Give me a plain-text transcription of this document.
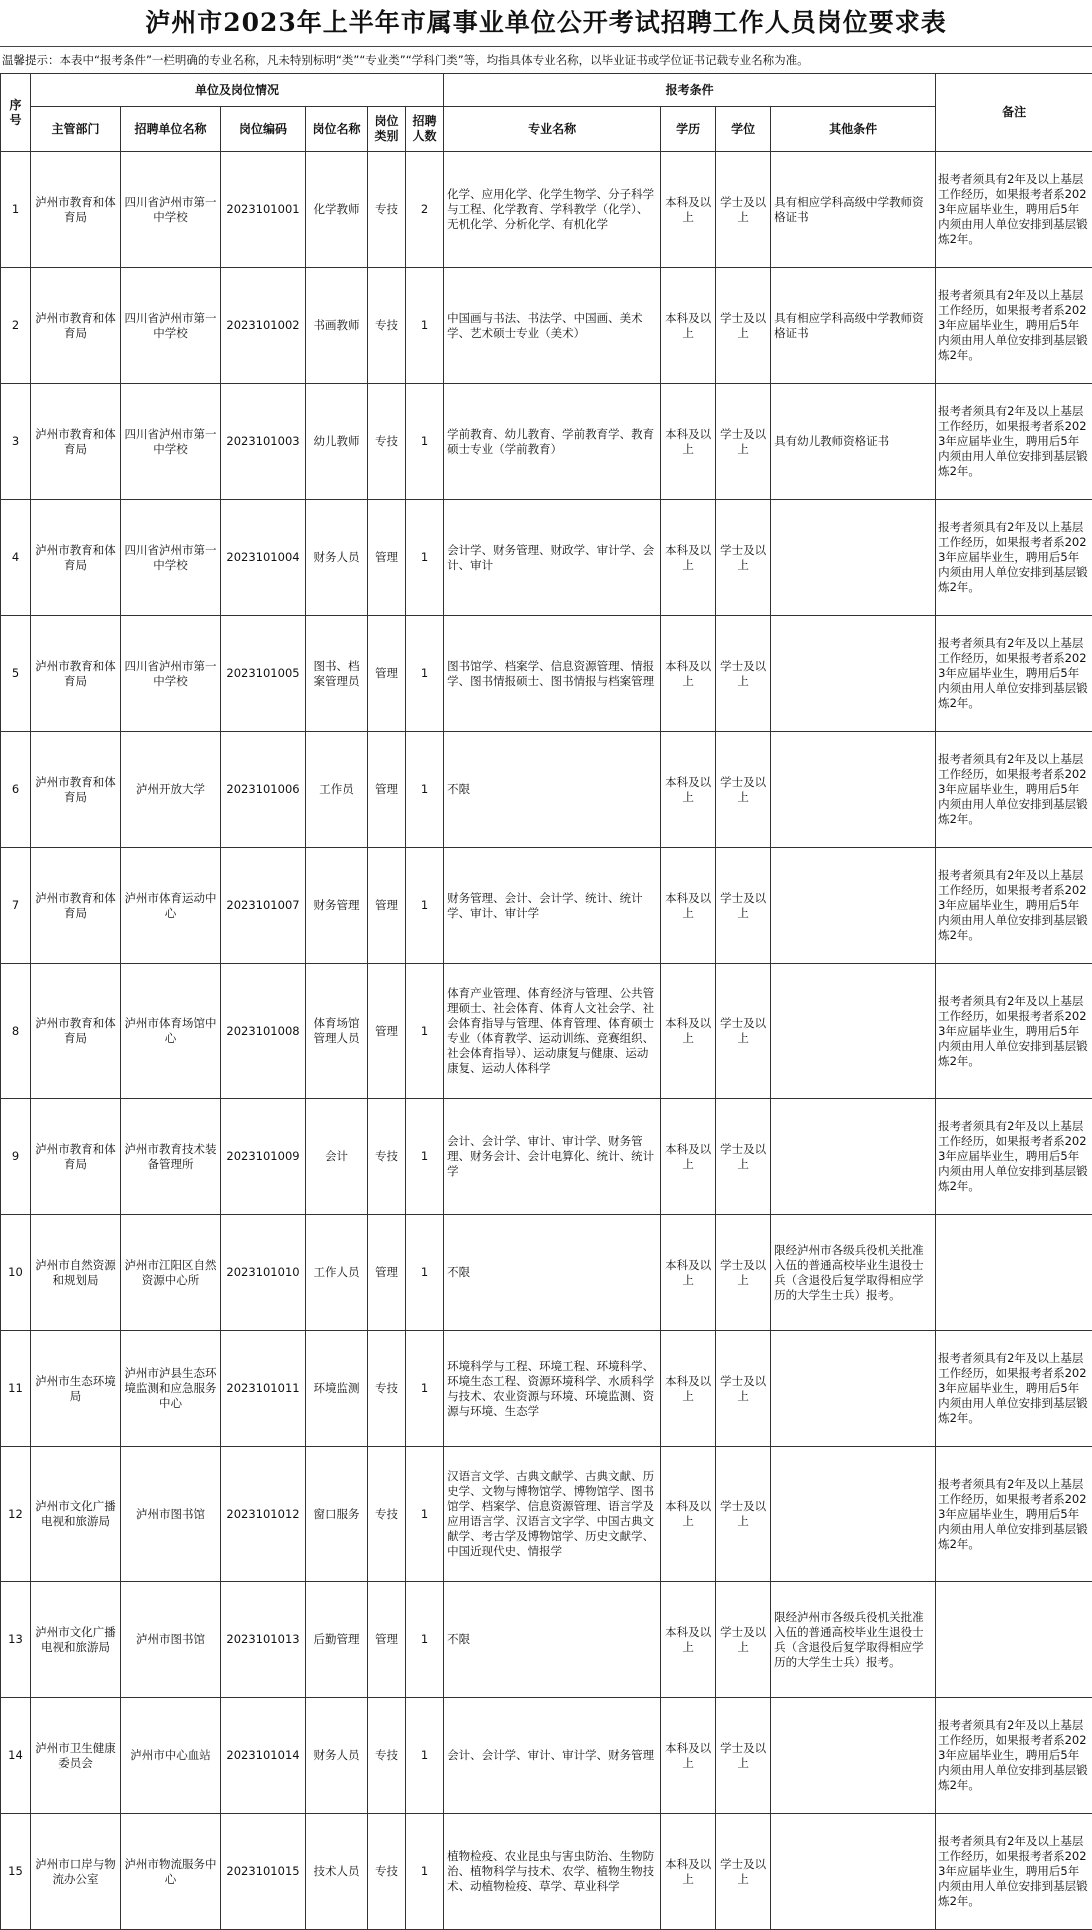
泸州市2023年上半年市属事业单位公开考试招聘工作人员岗位要求表
温馨提示：本表中“报考条件”一栏明确的专业名称，凡未特别标明“类”“专业类”“学科门类”等，均指具体专业名称，以毕业证书或学位证书记载专业名称为准。
序号	单位及岗位情况						报考条件				备注
	主管部门	招聘单位名称	岗位编码	岗位名称	岗位类别	招聘人数	专业名称	学历	学位	其他条件	
1	泸州市教育和体育局	四川省泸州市第一中学校	2023101001	化学教师	专技	2	化学、应用化学、化学生物学、分子科学与工程、化学教育、学科教学（化学）、无机化学、分析化学、有机化学	本科及以上	学士及以上	具有相应学科高级中学教师资格证书	报考者须具有2年及以上基层工作经历，如果报考者系2023年应届毕业生，聘用后5年内须由用人单位安排到基层锻炼2年。
2	泸州市教育和体育局	四川省泸州市第一中学校	2023101002	书画教师	专技	1	中国画与书法、书法学、中国画、美术学、艺术硕士专业（美术）	本科及以上	学士及以上	具有相应学科高级中学教师资格证书	报考者须具有2年及以上基层工作经历，如果报考者系2023年应届毕业生，聘用后5年内须由用人单位安排到基层锻炼2年。
3	泸州市教育和体育局	四川省泸州市第一中学校	2023101003	幼儿教师	专技	1	学前教育、幼儿教育、学前教育学、教育硕士专业（学前教育）	本科及以上	学士及以上	具有幼儿教师资格证书	报考者须具有2年及以上基层工作经历，如果报考者系2023年应届毕业生，聘用后5年内须由用人单位安排到基层锻炼2年。
4	泸州市教育和体育局	四川省泸州市第一中学校	2023101004	财务人员	管理	1	会计学、财务管理、财政学、审计学、会计、审计	本科及以上	学士及以上		报考者须具有2年及以上基层工作经历，如果报考者系2023年应届毕业生，聘用后5年内须由用人单位安排到基层锻炼2年。
5	泸州市教育和体育局	四川省泸州市第一中学校	2023101005	图书、档案管理员	管理	1	图书馆学、档案学、信息资源管理、情报学、图书情报硕士、图书情报与档案管理	本科及以上	学士及以上		报考者须具有2年及以上基层工作经历，如果报考者系2023年应届毕业生，聘用后5年内须由用人单位安排到基层锻炼2年。
6	泸州市教育和体育局	泸州开放大学	2023101006	工作员	管理	1	不限	本科及以上	学士及以上		报考者须具有2年及以上基层工作经历，如果报考者系2023年应届毕业生，聘用后5年内须由用人单位安排到基层锻炼2年。
7	泸州市教育和体育局	泸州市体育运动中心	2023101007	财务管理	管理	1	财务管理、会计、会计学、统计、统计学、审计、审计学	本科及以上	学士及以上		报考者须具有2年及以上基层工作经历，如果报考者系2023年应届毕业生，聘用后5年内须由用人单位安排到基层锻炼2年。
8	泸州市教育和体育局	泸州市体育场馆中心	2023101008	体育场馆管理人员	管理	1	体育产业管理、体育经济与管理、公共管理硕士、社会体育、体育人文社会学、社会体育指导与管理、体育管理、体育硕士专业（体育教学、运动训练、竞赛组织、社会体育指导）、运动康复与健康、运动康复、运动人体科学	本科及以上	学士及以上		报考者须具有2年及以上基层工作经历，如果报考者系2023年应届毕业生，聘用后5年内须由用人单位安排到基层锻炼2年。
9	泸州市教育和体育局	泸州市教育技术装备管理所	2023101009	会计	专技	1	会计、会计学、审计、审计学、财务管理、财务会计、会计电算化、统计、统计学	本科及以上	学士及以上		报考者须具有2年及以上基层工作经历，如果报考者系2023年应届毕业生，聘用后5年内须由用人单位安排到基层锻炼2年。
10	泸州市自然资源和规划局	泸州市江阳区自然资源中心所	2023101010	工作人员	管理	1	不限	本科及以上	学士及以上	限经泸州市各级兵役机关批准入伍的普通高校毕业生退役士兵（含退役后复学取得相应学历的大学生士兵）报考。	
11	泸州市生态环境局	泸州市泸县生态环境监测和应急服务中心	2023101011	环境监测	专技	1	环境科学与工程、环境工程、环境科学、环境生态工程、资源环境科学、水质科学与技术、农业资源与环境、环境监测、资源与环境、生态学	本科及以上	学士及以上		报考者须具有2年及以上基层工作经历，如果报考者系2023年应届毕业生，聘用后5年内须由用人单位安排到基层锻炼2年。
12	泸州市文化广播电视和旅游局	泸州市图书馆	2023101012	窗口服务	专技	1	汉语言文学、古典文献学、古典文献、历史学、文物与博物馆学、博物馆学、图书馆学、档案学、信息资源管理、语言学及应用语言学、汉语言文字学、中国古典文献学、考古学及博物馆学、历史文献学、中国近现代史、情报学	本科及以上	学士及以上		报考者须具有2年及以上基层工作经历，如果报考者系2023年应届毕业生，聘用后5年内须由用人单位安排到基层锻炼2年。
13	泸州市文化广播电视和旅游局	泸州市图书馆	2023101013	后勤管理	管理	1	不限	本科及以上	学士及以上	限经泸州市各级兵役机关批准入伍的普通高校毕业生退役士兵（含退役后复学取得相应学历的大学生士兵）报考。	
14	泸州市卫生健康委员会	泸州市中心血站	2023101014	财务人员	专技	1	会计、会计学、审计、审计学、财务管理	本科及以上	学士及以上		报考者须具有2年及以上基层工作经历，如果报考者系2023年应届毕业生，聘用后5年内须由用人单位安排到基层锻炼2年。
15	泸州市口岸与物流办公室	泸州市物流服务中心	2023101015	技术人员	专技	1	植物检疫、农业昆虫与害虫防治、生物防治、植物科学与技术、农学、植物生物技术、动植物检疫、草学、草业科学	本科及以上	学士及以上		报考者须具有2年及以上基层工作经历，如果报考者系2023年应届毕业生，聘用后5年内须由用人单位安排到基层锻炼2年。
